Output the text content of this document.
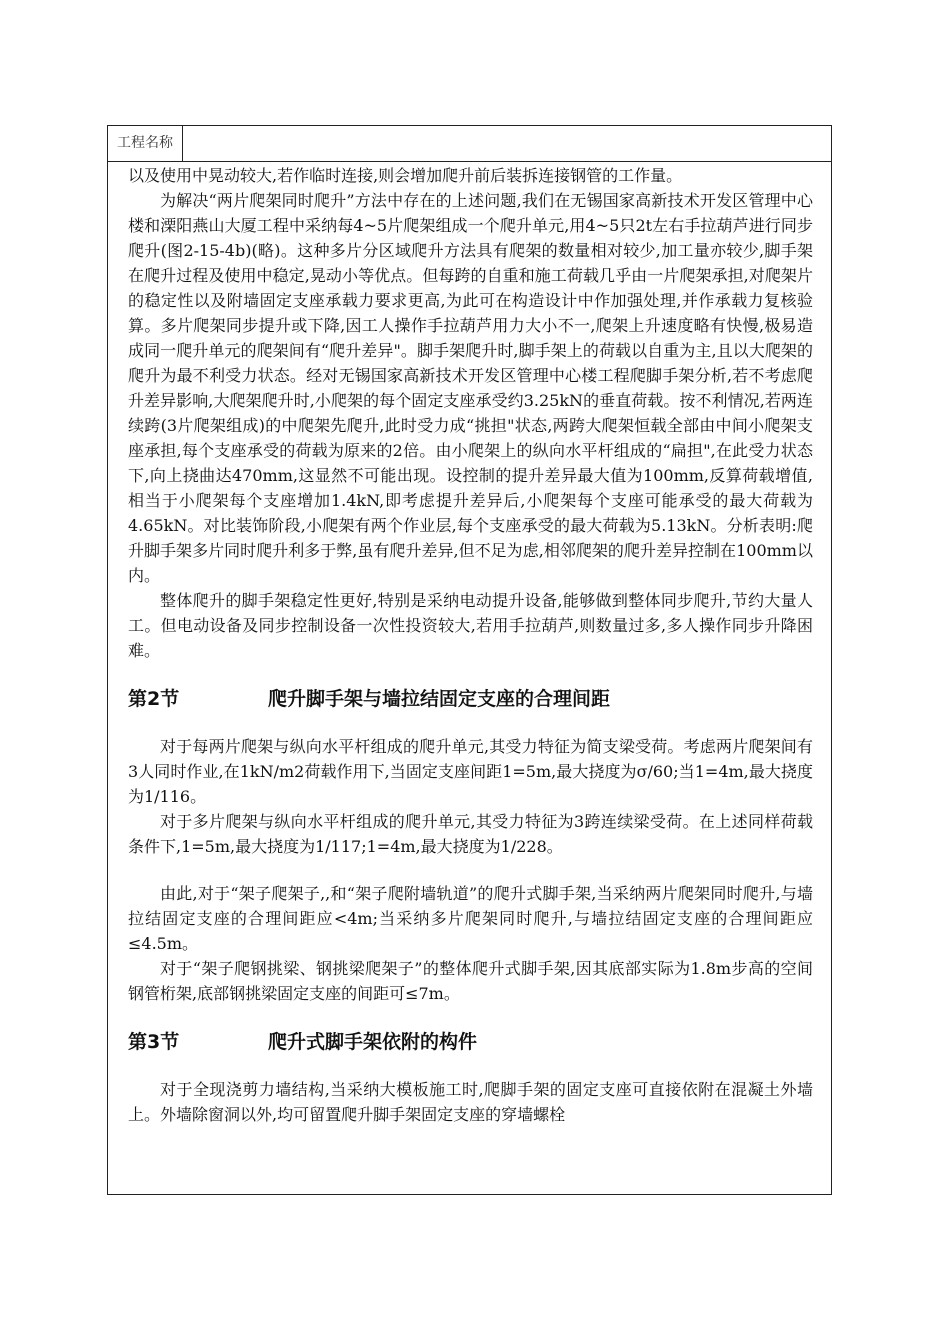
工程名称

以及使用中晃动较大,若作临时连接,则会增加爬升前后装拆连接钢管的工作量。

为解决“两片爬架同时爬升”方法中存在的上述问题,我们在无锡国家高新技术开发区管理中心楼和溧阳燕山大厦工程中采纳每4~5片爬架组成一个爬升单元,用4~5只2t左右手拉葫芦进行同步爬升(图2-15-4b)(略)。这种多片分区域爬升方法具有爬架的数量相对较少,加工量亦较少,脚手架在爬升过程及使用中稳定,晃动小等优点。但每跨的自重和施工荷载几乎由一片爬架承担,对爬架片的稳定性以及附墙固定支座承载力要求更高,为此可在构造设计中作加强处理,并作承载力复核验算。多片爬架同步提升或下降,因工人操作手拉葫芦用力大小不一,爬架上升速度略有快慢,极易造成同一爬升单元的爬架间有“爬升差异"。脚手架爬升时,脚手架上的荷载以自重为主,且以大爬架的爬升为最不利受力状态。经对无锡国家高新技术开发区管理中心楼工程爬脚手架分析,若不考虑爬升差异影响,大爬架爬升时,小爬架的每个固定支座承受约3.25kN的垂直荷载。按不利情况,若两连续跨(3片爬架组成)的中爬架先爬升,此时受力成“挑担"状态,两跨大爬架恒载全部由中间小爬架支座承担,每个支座承受的荷载为原来的2倍。由小爬架上的纵向水平杆组成的“扁担",在此受力状态下,向上挠曲达470mm,这显然不可能出现。设控制的提升差异最大值为100mm,反算荷载增值,相当于小爬架每个支座增加1.4kN,即考虑提升差异后,小爬架每个支座可能承受的最大荷载为4.65kN。对比装饰阶段,小爬架有两个作业层,每个支座承受的最大荷载为5.13kN。分析表明:爬升脚手架多片同时爬升利多于弊,虽有爬升差异,但不足为虑,相邻爬架的爬升差异控制在100mm以内。

整体爬升的脚手架稳定性更好,特别是采纳电动提升设备,能够做到整体同步爬升,节约大量人工。但电动设备及同步控制设备一次性投资较大,若用手拉葫芦,则数量过多,多人操作同步升降困难。

第2节	爬升脚手架与墙拉结固定支座的合理间距

对于每两片爬架与纵向水平杆组成的爬升单元,其受力特征为简支梁受荷。考虑两片爬架间有3人同时作业,在1kN/m2荷载作用下,当固定支座间距1=5m,最大挠度为σ/60;当1=4m,最大挠度为1/116。

对于多片爬架与纵向水平杆组成的爬升单元,其受力特征为3跨连续梁受荷。在上述同样荷载条件下,1=5m,最大挠度为1/117;1=4m,最大挠度为1/228。

由此,对于“架子爬架子,,和“架子爬附墙轨道”的爬升式脚手架,当采纳两片爬架同时爬升,与墙拉结固定支座的合理间距应<4m;当采纳多片爬架同时爬升,与墙拉结固定支座的合理间距应≤4.5m。

对于“架子爬钢挑梁、钢挑梁爬架子”的整体爬升式脚手架,因其底部实际为1.8m步高的空间钢管桁架,底部钢挑梁固定支座的间距可≤7m。

第3节	爬升式脚手架依附的构件

对于全现浇剪力墙结构,当采纳大模板施工时,爬脚手架的固定支座可直接依附在混凝土外墙上。外墙除窗洞以外,均可留置爬升脚手架固定支座的穿墙螺栓
